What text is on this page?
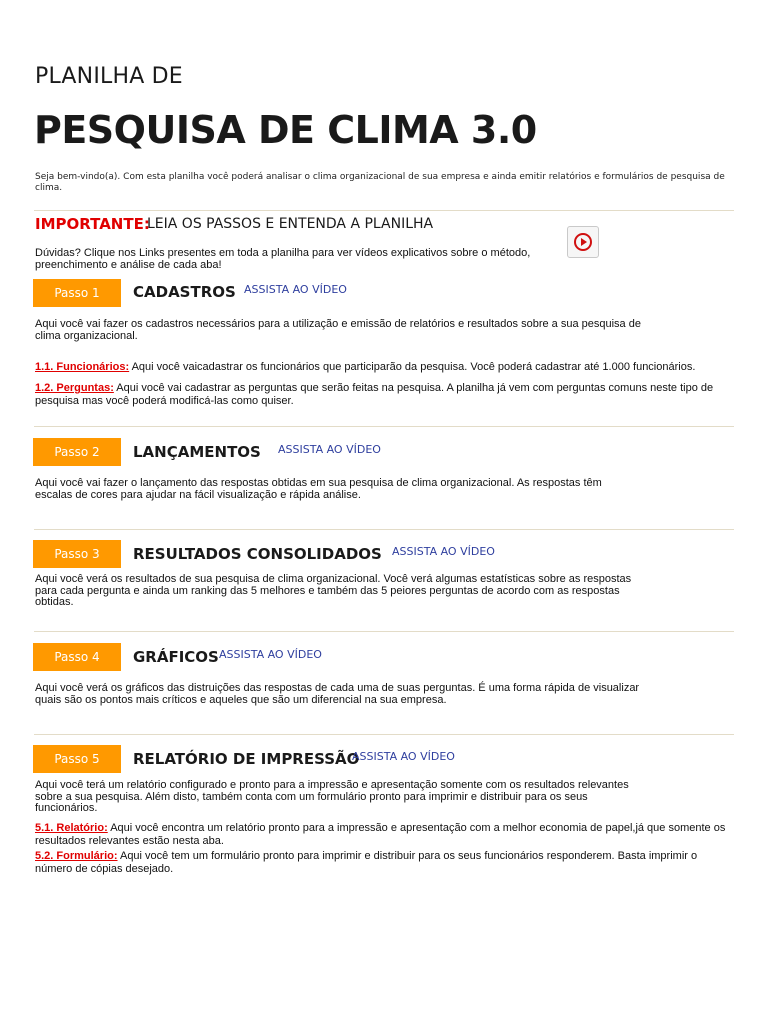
PLANILHA DE
PESQUISA DE CLIMA 3.0
Seja bem-vindo(a). Com esta planilha você poderá analisar o clima organizacional de sua empresa e ainda emitir relatórios e formulários de pesquisa de clima.
IMPORTANTE:
LEIA OS PASSOS E ENTENDA A PLANILHA
Dúvidas? Clique nos Links presentes em toda a planilha para ver vídeos explicativos sobre o método, preenchimento e análise de cada aba!
Passo 1	CADASTROS ASSISTA AO VÍDEO
Aqui você vai fazer os cadastros necessários para a utilização e emissão de relatórios e resultados sobre a sua pesquisa de clima organizacional.
1.1. Funcionários: Aqui você vaicadastrar os funcionários que participarão da pesquisa. Você poderá cadastrar até 1.000 funcionários.
1.2. Perguntas: Aqui você vai cadastrar as perguntas que serão feitas na pesquisa. A planilha já vem com perguntas comuns neste tipo de pesquisa mas você poderá modificá-las como quiser.
Passo 2	LANÇAMENTOS ASSISTA AO VÍDEO
Aqui você vai fazer o lançamento das respostas obtidas em sua pesquisa de clima organizacional. As respostas têm escalas de cores para ajudar na fácil visualização e rápida análise.
Passo 3	RESULTADOS CONSOLIDADOS ASSISTA AO VÍDEO
Aqui você verá os resultados de sua pesquisa de clima organizacional. Você verá algumas estatísticas sobre as respostas para cada pergunta e ainda um ranking das 5 melhores e também das 5 peiores perguntas de acordo com as respostas obtidas.
Passo 4	GRÁFICOS ASSISTA AO VÍDEO
Aqui você verá os gráficos das distruições das respostas de cada uma de suas perguntas. É uma forma rápida de visualizar quais são os pontos mais críticos e aqueles que são um diferencial na sua empresa.
Passo 5	RELATÓRIO DE IMPRESSÃO
ASSISTA AO VÍDEO
Aqui você terá um relatório configurado e pronto para a impressão e apresentação somente com os resultados relevantes sobre a sua pesquisa. Além disto, também conta com um formulário pronto para imprimir e distribuir para os seus funcionários.
5.1. Relatório: Aqui você encontra um relatório pronto para a impressão e apresentação com a melhor economia de papel,já que somente os resultados relevantes estão nesta aba.
5.2. Formulário: Aqui você tem um formulário pronto para imprimir e distribuir para os seus funcionários responderem. Basta imprimir o número de cópias desejado.
